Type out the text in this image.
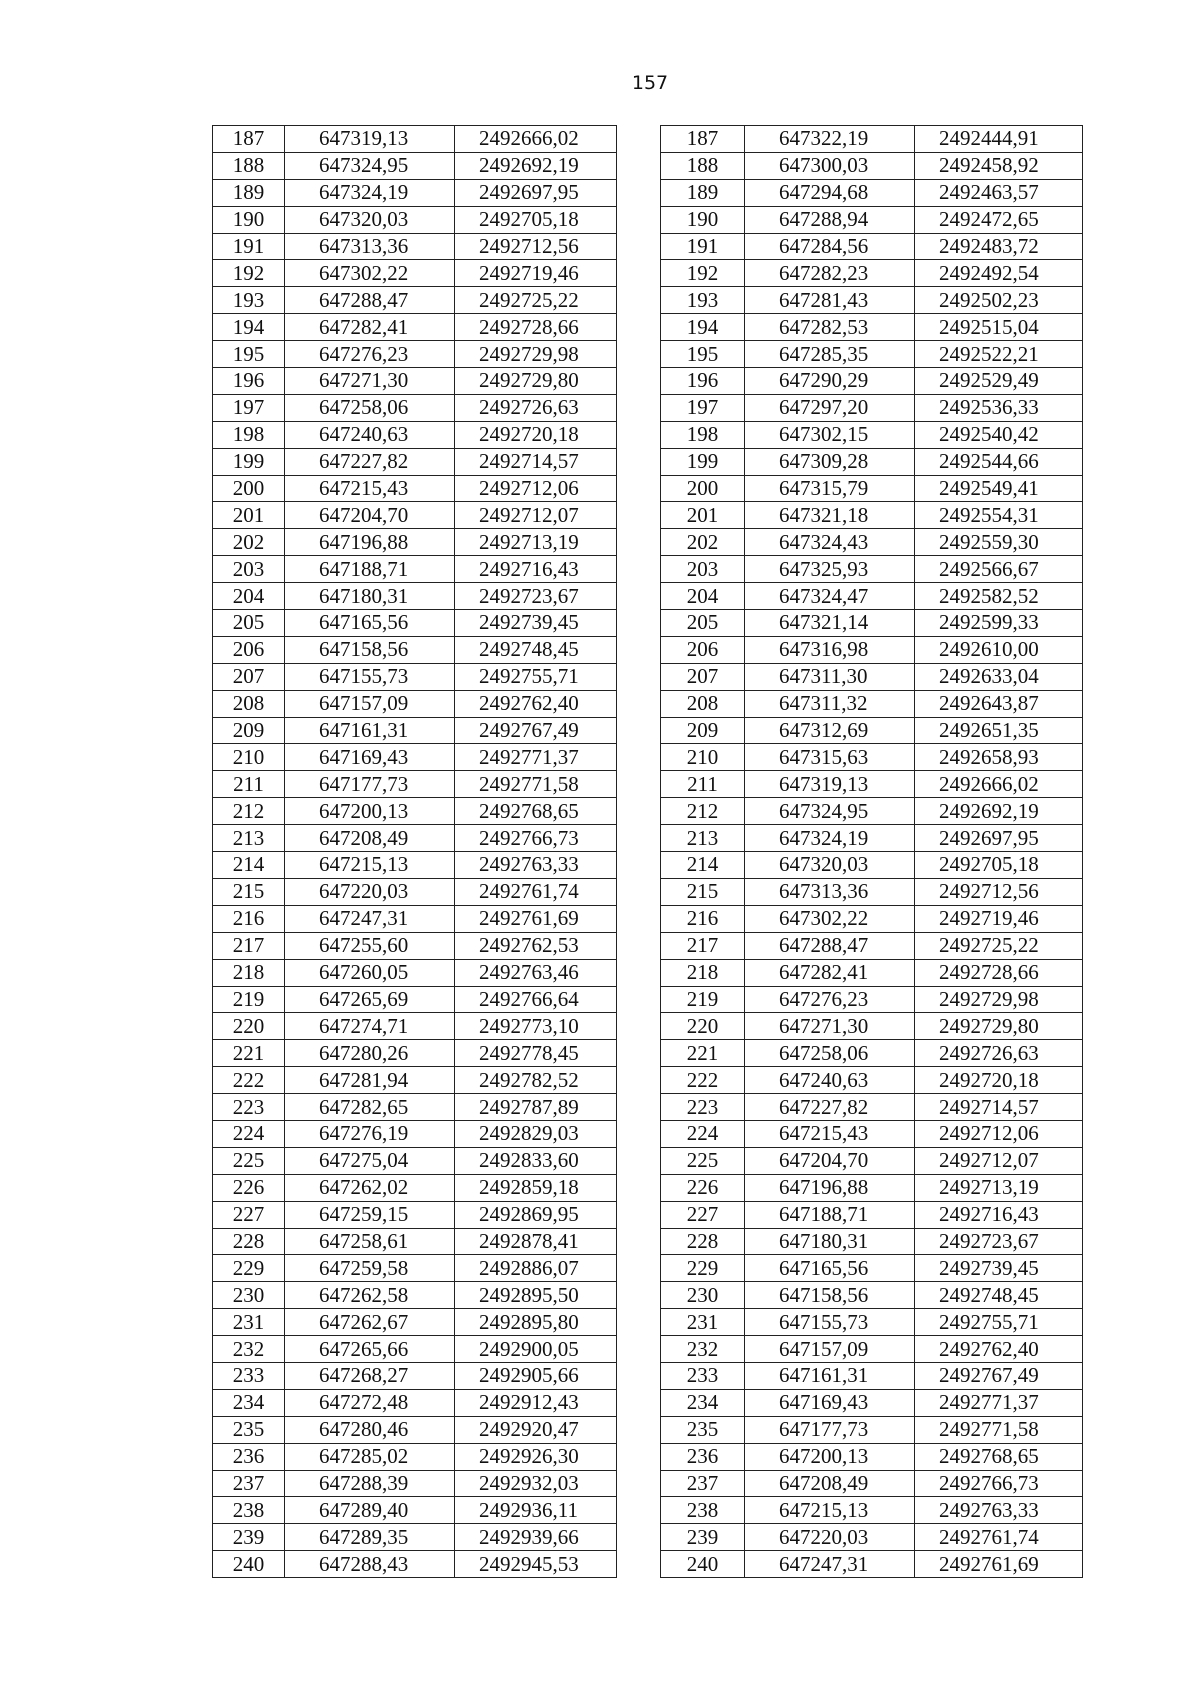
157
187	647319,13	2492666,02		187	647322,19	2492444,91
188	647324,95	2492692,19		188	647300,03	2492458,92
189	647324,19	2492697,95		189	647294,68	2492463,57
190	647320,03	2492705,18		190	647288,94	2492472,65
191	647313,36	2492712,56		191	647284,56	2492483,72
192	647302,22	2492719,46		192	647282,23	2492492,54
193	647288,47	2492725,22		193	647281,43	2492502,23
194	647282,41	2492728,66		194	647282,53	2492515,04
195	647276,23	2492729,98		195	647285,35	2492522,21
196	647271,30	2492729,80		196	647290,29	2492529,49
197	647258,06	2492726,63		197	647297,20	2492536,33
198	647240,63	2492720,18		198	647302,15	2492540,42
199	647227,82	2492714,57		199	647309,28	2492544,66
200	647215,43	2492712,06		200	647315,79	2492549,41
201	647204,70	2492712,07		201	647321,18	2492554,31
202	647196,88	2492713,19		202	647324,43	2492559,30
203	647188,71	2492716,43		203	647325,93	2492566,67
204	647180,31	2492723,67		204	647324,47	2492582,52
205	647165,56	2492739,45		205	647321,14	2492599,33
206	647158,56	2492748,45		206	647316,98	2492610,00
207	647155,73	2492755,71		207	647311,30	2492633,04
208	647157,09	2492762,40		208	647311,32	2492643,87
209	647161,31	2492767,49		209	647312,69	2492651,35
210	647169,43	2492771,37		210	647315,63	2492658,93
211	647177,73	2492771,58		211	647319,13	2492666,02
212	647200,13	2492768,65		212	647324,95	2492692,19
213	647208,49	2492766,73		213	647324,19	2492697,95
214	647215,13	2492763,33		214	647320,03	2492705,18
215	647220,03	2492761,74		215	647313,36	2492712,56
216	647247,31	2492761,69		216	647302,22	2492719,46
217	647255,60	2492762,53		217	647288,47	2492725,22
218	647260,05	2492763,46		218	647282,41	2492728,66
219	647265,69	2492766,64		219	647276,23	2492729,98
220	647274,71	2492773,10		220	647271,30	2492729,80
221	647280,26	2492778,45		221	647258,06	2492726,63
222	647281,94	2492782,52		222	647240,63	2492720,18
223	647282,65	2492787,89		223	647227,82	2492714,57
224	647276,19	2492829,03		224	647215,43	2492712,06
225	647275,04	2492833,60		225	647204,70	2492712,07
226	647262,02	2492859,18		226	647196,88	2492713,19
227	647259,15	2492869,95		227	647188,71	2492716,43
228	647258,61	2492878,41		228	647180,31	2492723,67
229	647259,58	2492886,07		229	647165,56	2492739,45
230	647262,58	2492895,50		230	647158,56	2492748,45
231	647262,67	2492895,80		231	647155,73	2492755,71
232	647265,66	2492900,05		232	647157,09	2492762,40
233	647268,27	2492905,66		233	647161,31	2492767,49
234	647272,48	2492912,43		234	647169,43	2492771,37
235	647280,46	2492920,47		235	647177,73	2492771,58
236	647285,02	2492926,30		236	647200,13	2492768,65
237	647288,39	2492932,03		237	647208,49	2492766,73
238	647289,40	2492936,11		238	647215,13	2492763,33
239	647289,35	2492939,66		239	647220,03	2492761,74
240	647288,43	2492945,53		240	647247,31	2492761,69
